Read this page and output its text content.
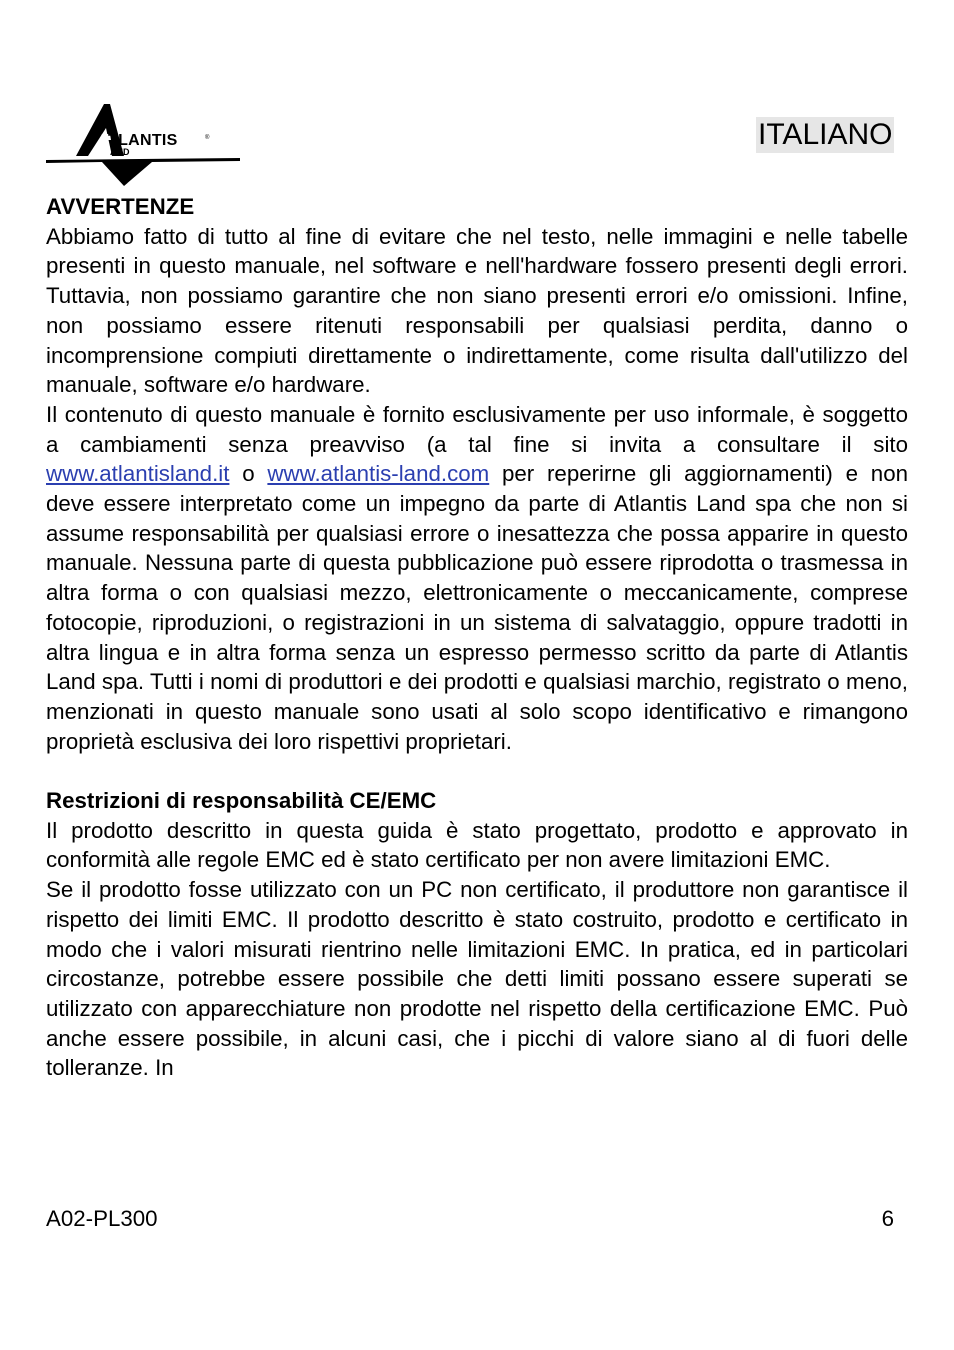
TLANTIS	®
AND
ITALIANO
AVVERTENZE

Abbiamo fatto di tutto al fine di evitare che nel testo, nelle immagini e nelle tabelle presenti in questo manuale, nel software e nell'hardware fossero presenti degli errori. Tuttavia, non possiamo garantire che non siano presenti errori e/o omissioni. Infine, non possiamo essere ritenuti responsabili per qualsiasi perdita, danno o incomprensione compiuti direttamente o indirettamente, come risulta dall'utilizzo del manuale, software e/o hardware.

Il contenuto di questo manuale è fornito esclusivamente per uso informale, è soggetto a cambiamenti senza preavviso (a tal fine si invita a consultare il sito www.atlantisland.it o www.atlantis-land.com per reperirne gli aggiornamenti) e non deve essere interpretato come un impegno da parte di Atlantis Land spa che non si assume responsabilità per qualsiasi errore o inesattezza che possa apparire in questo manuale. Nessuna parte di questa pubblicazione può essere riprodotta o trasmessa in altra forma o con qualsiasi mezzo, elettronicamente o meccanicamente, comprese fotocopie, riproduzioni, o registrazioni in un sistema di salvataggio, oppure tradotti in altra lingua e in altra forma senza un espresso permesso scritto da parte di Atlantis Land spa. Tutti i nomi di produttori e dei prodotti e qualsiasi marchio, registrato o meno, menzionati in questo manuale sono usati al solo scopo identificativo e rimangono proprietà esclusiva dei loro rispettivi proprietari.

Restrizioni di responsabilità CE/EMC

Il prodotto descritto in questa guida è stato progettato, prodotto e approvato in conformità alle regole EMC ed è stato certificato per non avere limitazioni EMC.

Se il prodotto fosse utilizzato con un PC non certificato, il produttore non garantisce il rispetto dei limiti EMC. Il prodotto descritto è stato costruito, prodotto e certificato in modo che i valori misurati rientrino nelle limitazioni EMC. In pratica, ed in particolari circostanze, potrebbe essere possibile che detti limiti possano essere superati se utilizzato con apparecchiature non prodotte nel rispetto della certificazione EMC. Può anche essere possibile, in alcuni casi, che i picchi di valore siano al di fuori delle tolleranze. In

A02-PL300	6
